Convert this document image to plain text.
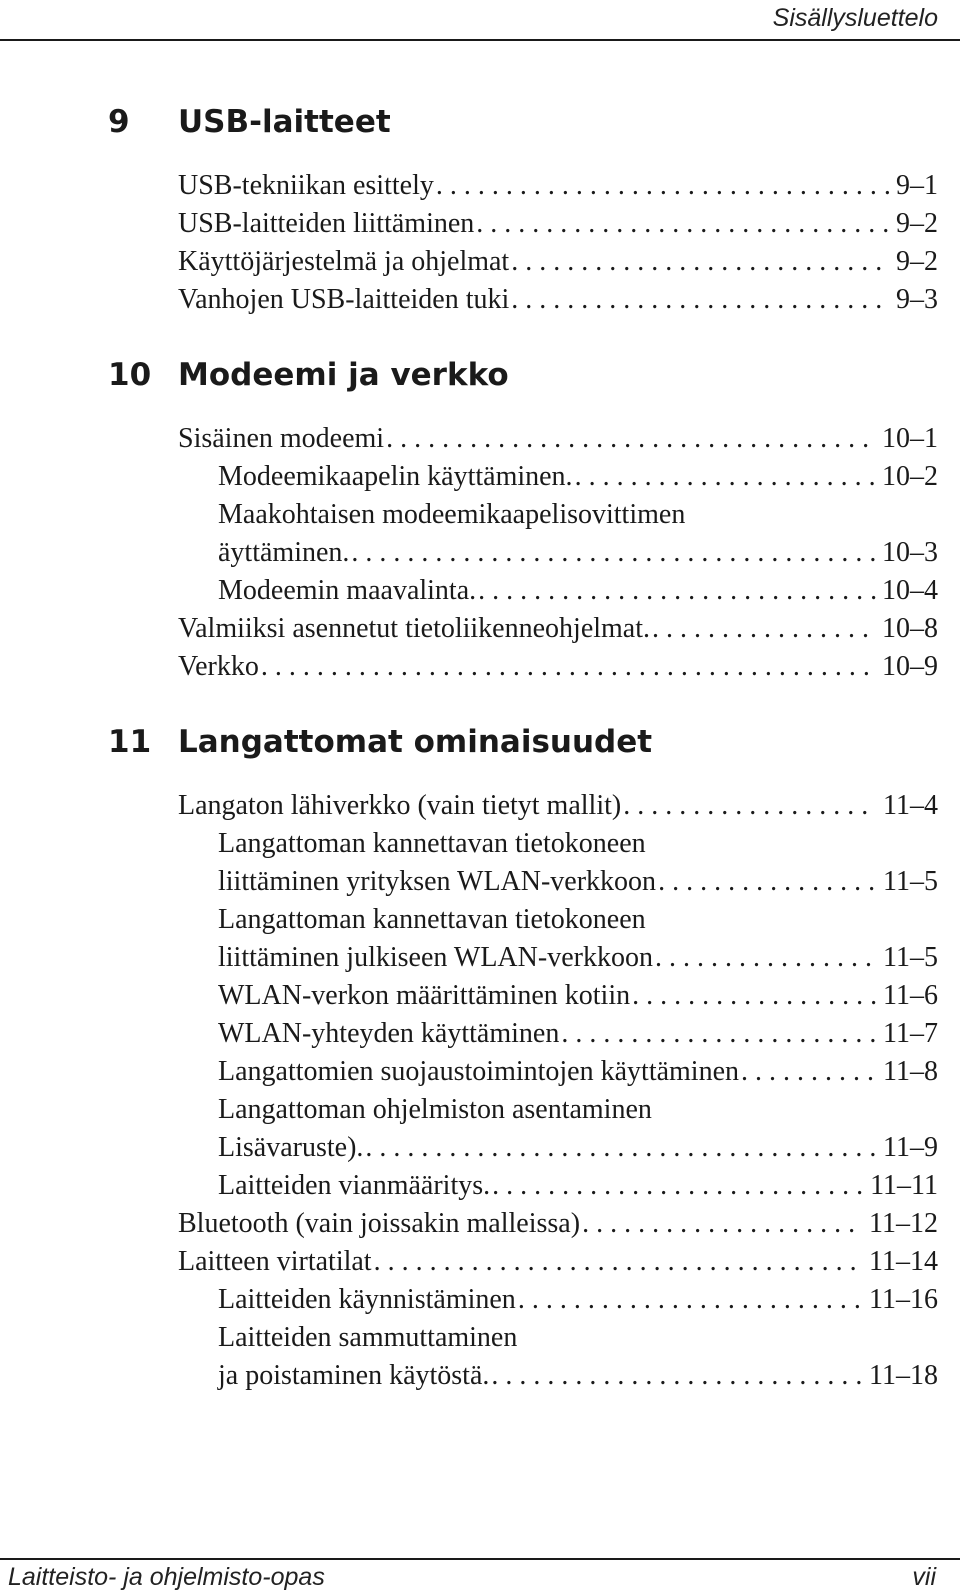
Sisällysluettelo
9 USB-laitteet
USB-tekniikan esittely . . .	9–1
USB-laitteiden liittäminen . . .	9–2
Käyttöjärjestelmä ja ohjelmat . . .	9–2
Vanhojen USB-laitteiden tuki . . .	9–3
10 Modeemi ja verkko
Sisäinen modeemi . . .	10–1
Modeemikaapelin käyttäminen. . . .	10–2
Maakohtaisen modeemikaapelisovittimen
äyttäminen. . . .	10–3
Modeemin maavalinta. . . .	10–4
Valmiiksi asennetut tietoliikenneohjelmat. . . .	10–8
Verkko . . .	10–9
11 Langattomat ominaisuudet
Langaton lähiverkko (vain tietyt mallit) . . .	11–4
Langattoman kannettavan tietokoneen
liittäminen yrityksen WLAN-verkkoon . . .	11–5
Langattoman kannettavan tietokoneen
liittäminen julkiseen WLAN-verkkoon . . .	11–5
WLAN-verkon määrittäminen kotiin . . .	11–6
WLAN-yhteyden käyttäminen . . .	11–7
Langattomien suojaustoimintojen käyttäminen . . .	11–8
Langattoman ohjelmiston asentaminen
Lisävaruste). . . .	11–9
Laitteiden vianmääritys. . . .	11–11
Bluetooth (vain joissakin malleissa) . . .	11–12
Laitteen virtatilat . . .	11–14
Laitteiden käynnistäminen . . .	11–16
Laitteiden sammuttaminen
ja poistaminen käytöstä. . . .	11–18
Laitteisto- ja ohjelmisto-opas	vii
